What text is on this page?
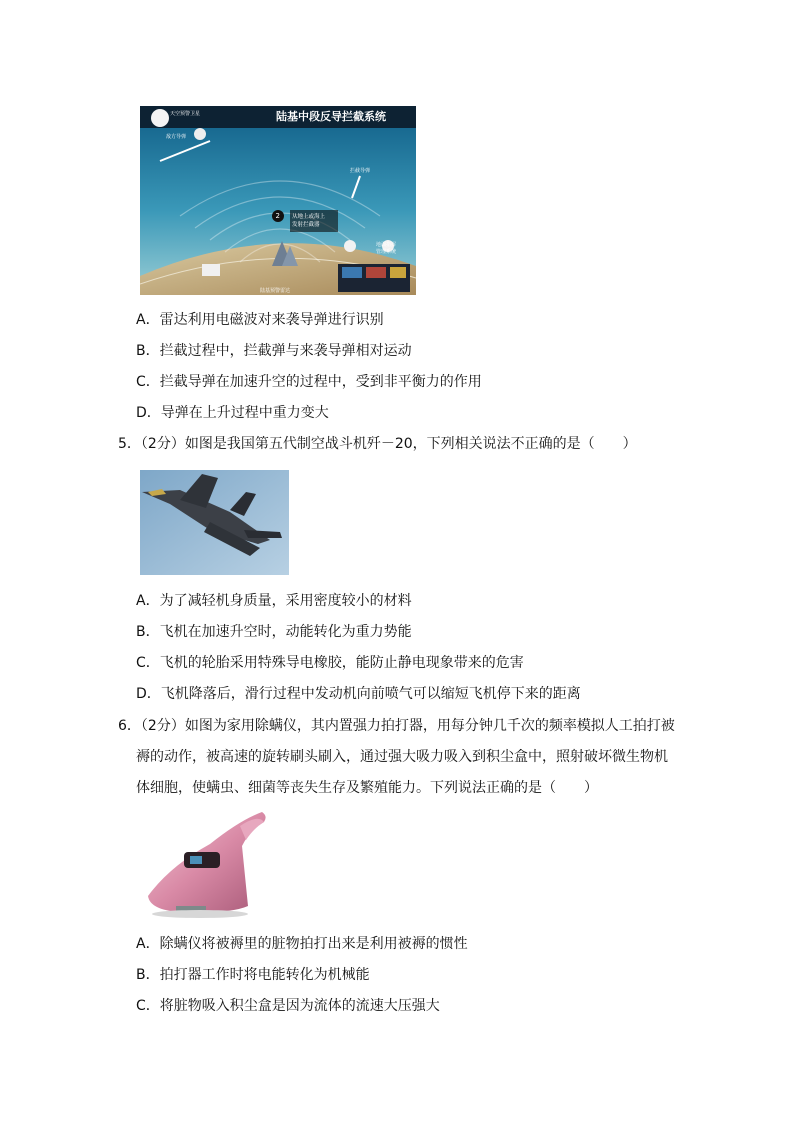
陆基中段反导拦截系统
天空预警卫星
敌方导弹
拦截导弹
2 从地上或海上
发射拦截器
地面指挥
管理系统
陆基预警雷达
A．雷达利用电磁波对来袭导弹进行识别
B．拦截过程中，拦截弹与来袭导弹相对运动
C．拦截导弹在加速升空的过程中，受到非平衡力的作用
D．导弹在上升过程中重力变大
5．（2分）如图是我国第五代制空战斗机歼－20，下列相关说法不正确的是（　　）
A．为了减轻机身质量，采用密度较小的材料
B．飞机在加速升空时，动能转化为重力势能
C．飞机的轮胎采用特殊导电橡胶，能防止静电现象带来的危害
D．飞机降落后，滑行过程中发动机向前喷气可以缩短飞机停下来的距离
6．（2分）如图为家用除螨仪，其内置强力拍打器，用每分钟几千次的频率模拟人工拍打被
褥的动作，被高速的旋转刷头刷入，通过强大吸力吸入到积尘盒中，照射破坏微生物机
体细胞，使螨虫、细菌等丧失生存及繁殖能力。下列说法正确的是（　　）
A．除螨仪将被褥里的脏物拍打出来是利用被褥的惯性
B．拍打器工作时将电能转化为机械能
C．将脏物吸入积尘盒是因为流体的流速大压强大
